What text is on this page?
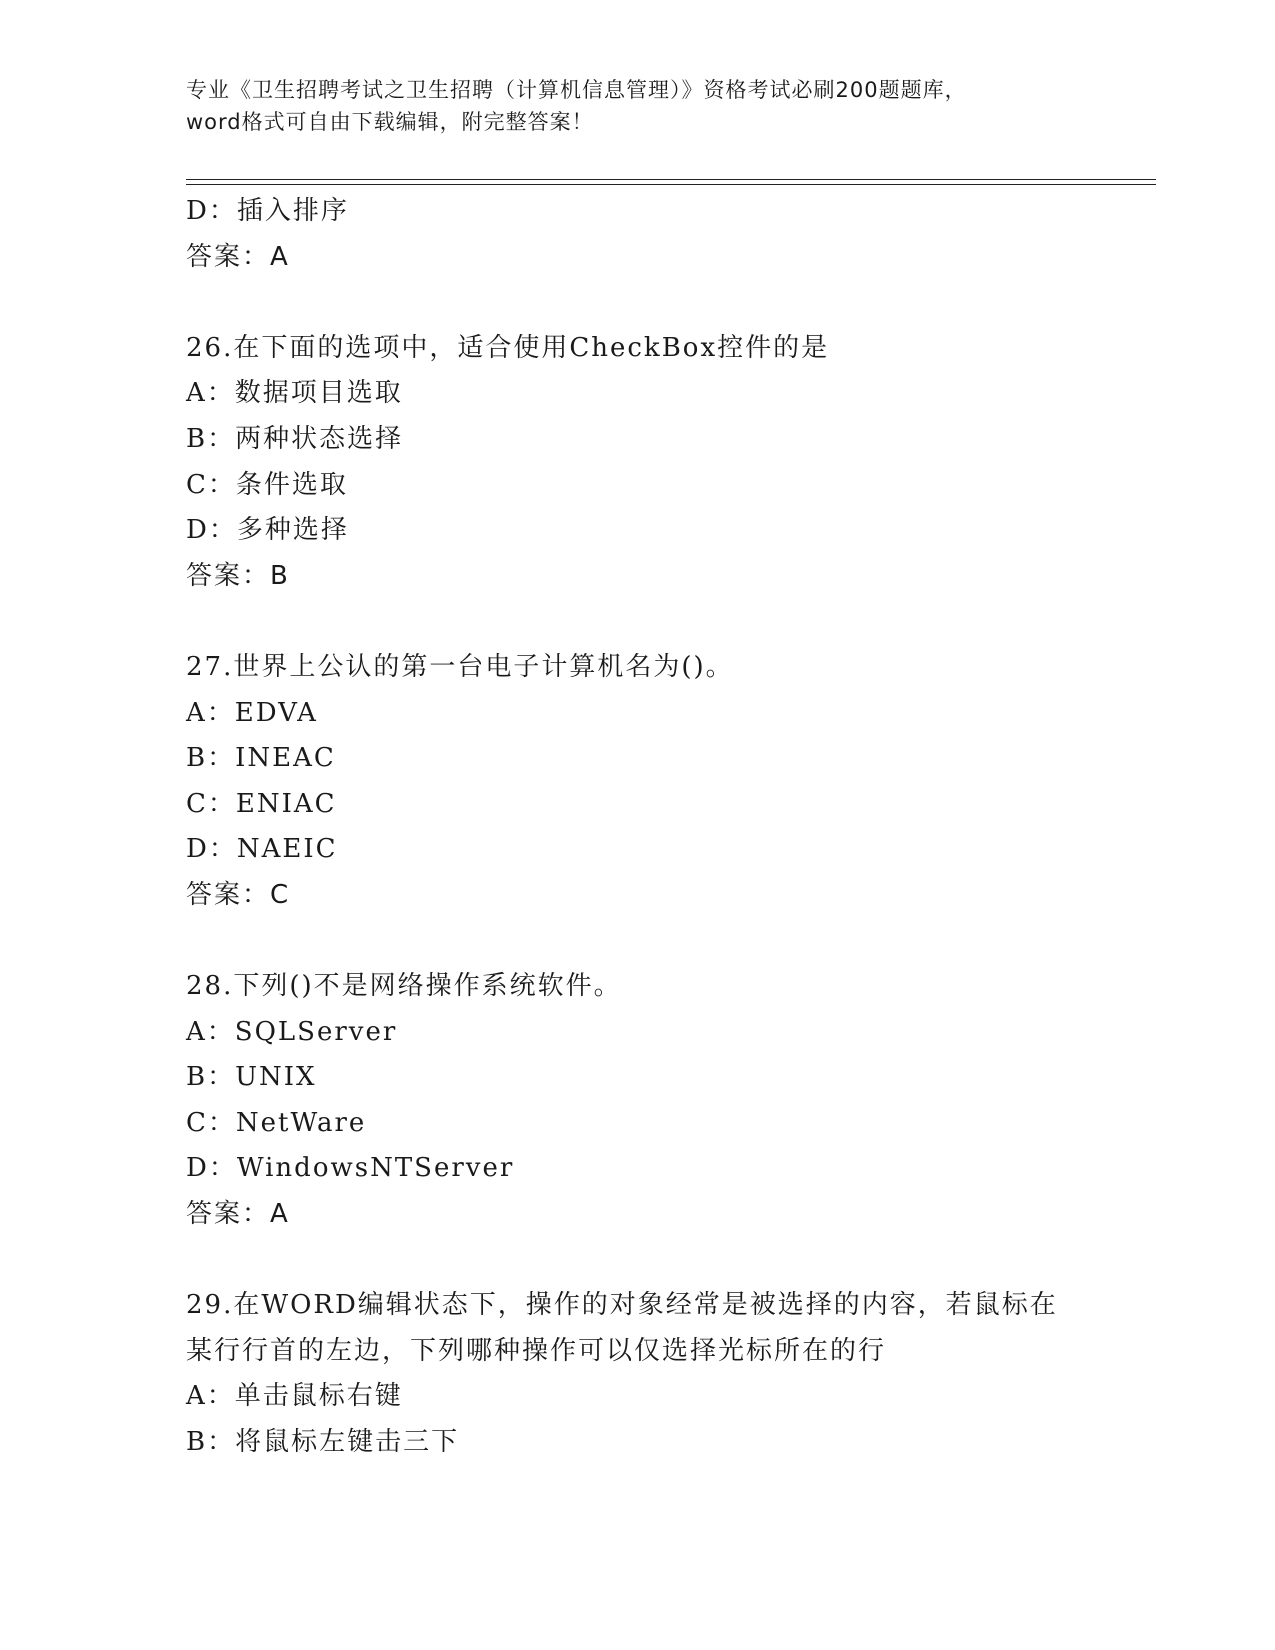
专业《卫生招聘考试之卫生招聘（计算机信息管理）》资格考试必刷200题题库，
word格式可自由下载编辑，附完整答案！
D：插入排序
答案：A
26.在下面的选项中，适合使用CheckBox控件的是
A：数据项目选取
B：两种状态选择
C：条件选取
D：多种选择
答案：B
27.世界上公认的第一台电子计算机名为()。
A：EDVA
B：INEAC
C：ENIAC
D：NAEIC
答案：C
28.下列()不是网络操作系统软件。
A：SQLServer
B：UNIX
C：NetWare
D：WindowsNTServer
答案：A
29.在WORD编辑状态下，操作的对象经常是被选择的内容，若鼠标在
某行行首的左边，下列哪种操作可以仅选择光标所在的行
A：单击鼠标右键
B：将鼠标左键击三下
